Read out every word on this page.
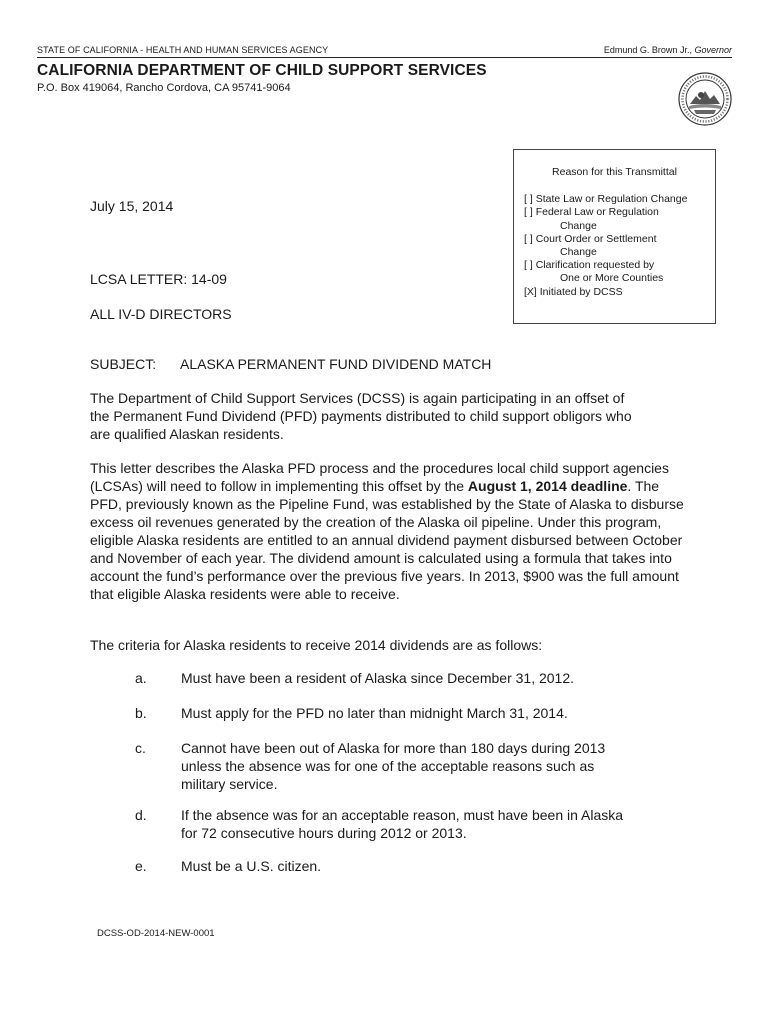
STATE OF CALIFORNIA - HEALTH AND HUMAN SERVICES AGENCY	Edmund G. Brown Jr., Governor
CALIFORNIA DEPARTMENT OF CHILD SUPPORT SERVICES
P.O. Box 419064, Rancho Cordova, CA 95741-9064
Reason for this Transmittal
[ ] State Law or Regulation Change
[ ] Federal Law or Regulation
Change
[ ] Court Order or Settlement
Change
[ ] Clarification requested by
One or More Counties
[X] Initiated by DCSS
July 15, 2014
LCSA LETTER: 14-09
ALL IV-D DIRECTORS
SUBJECT: ALASKA PERMANENT FUND DIVIDEND MATCH
The Department of Child Support Services (DCSS) is again participating in an offset of
the Permanent Fund Dividend (PFD) payments distributed to child support obligors who
are qualified Alaskan residents.
This letter describes the Alaska PFD process and the procedures local child support agencies (LCSAs) will need to follow in implementing this offset by the August 1, 2014 deadline. The PFD, previously known as the Pipeline Fund, was established by the State of Alaska to disburse excess oil revenues generated by the creation of the Alaska oil pipeline. Under this program, eligible Alaska residents are entitled to an annual dividend payment disbursed between October and November of each year. The dividend amount is calculated using a formula that takes into account the fund’s performance over the previous five years. In 2013, $900 was the full amount that eligible Alaska residents were able to receive.
The criteria for Alaska residents to receive 2014 dividends are as follows:
a. Must have been a resident of Alaska since December 31, 2012.
b. Must apply for the PFD no later than midnight March 31, 2014.
c.	Cannot have been out of Alaska for more than 180 days during 2013
unless the absence was for one of the acceptable reasons such as
military service.
d. If the absence was for an acceptable reason, must have been in Alaska
for 72 consecutive hours during 2012 or 2013.
e. Must be a U.S. citizen.
DCSS-OD-2014-NEW-0001
